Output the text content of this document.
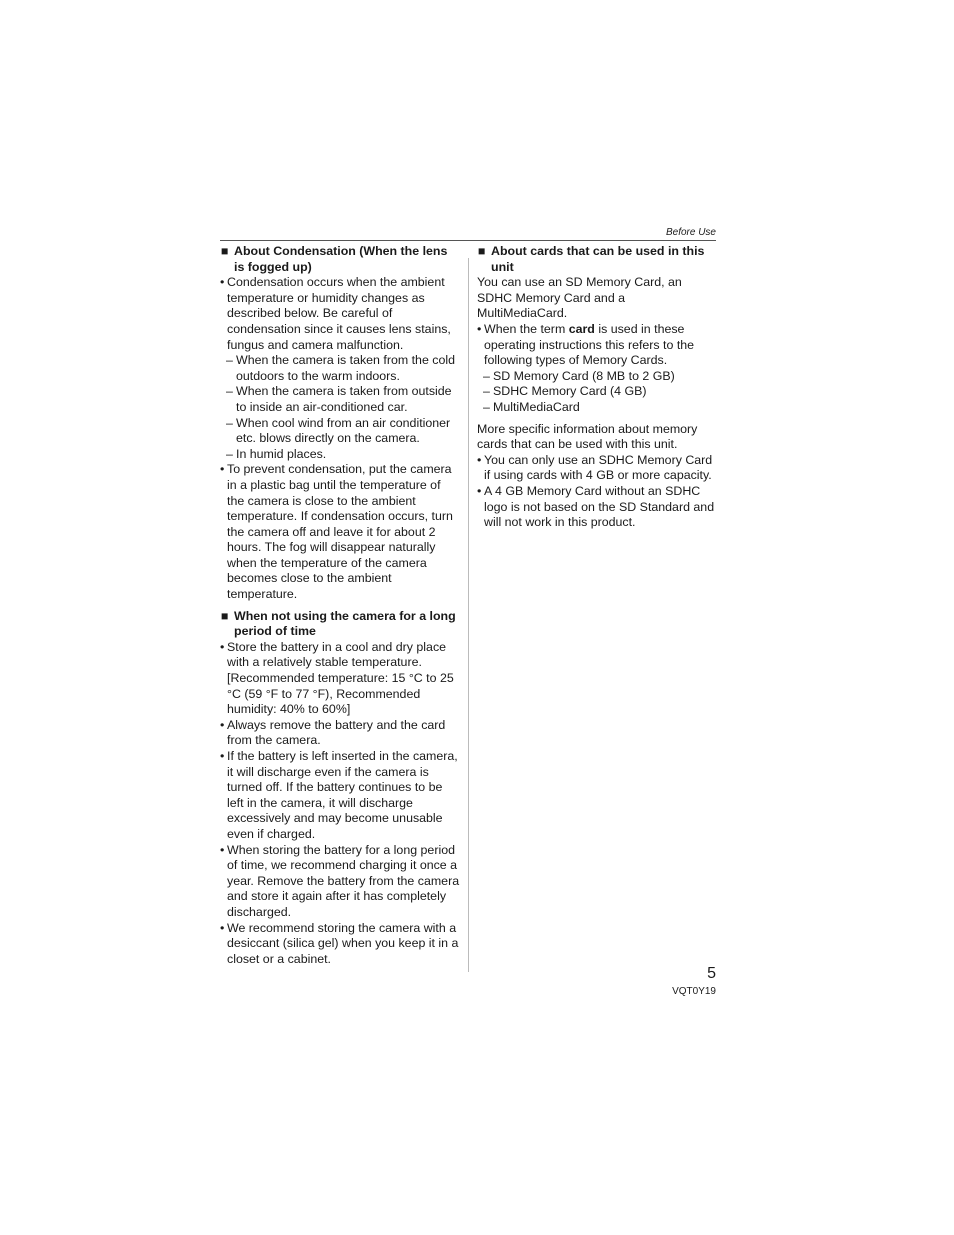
Before Use

■ About Condensation (When the lens is fogged up)

• Condensation occurs when the ambient temperature or humidity changes as described below. Be careful of condensation since it causes lens stains, fungus and camera malfunction.

– When the camera is taken from the cold outdoors to the warm indoors.

– When the camera is taken from outside to inside an air-conditioned car.

– When cool wind from an air conditioner etc. blows directly on the camera.

– In humid places.

• To prevent condensation, put the camera in a plastic bag until the temperature of the camera is close to the ambient temperature. If condensation occurs, turn the camera off and leave it for about 2 hours. The fog will disappear naturally when the temperature of the camera becomes close to the ambient temperature.

■ When not using the camera for a long period of time

• Store the battery in a cool and dry place with a relatively stable temperature. [Recommended temperature: 15 °C to 25 °C (59 °F to 77 °F), Recommended humidity: 40% to 60%]

• Always remove the battery and the card from the camera.

• If the battery is left inserted in the camera, it will discharge even if the camera is turned off. If the battery continues to be left in the camera, it will discharge excessively and may become unusable even if charged.

• When storing the battery for a long period of time, we recommend charging it once a year. Remove the battery from the camera and store it again after it has completely discharged.

• We recommend storing the camera with a desiccant (silica gel) when you keep it in a closet or a cabinet.

■ About cards that can be used in this unit

You can use an SD Memory Card, an SDHC Memory Card and a MultiMediaCard.

• When the term card is used in these operating instructions this refers to the following types of Memory Cards.

– SD Memory Card (8 MB to 2 GB)

– SDHC Memory Card (4 GB)

– MultiMediaCard

More specific information about memory cards that can be used with this unit.

• You can only use an SDHC Memory Card if using cards with 4 GB or more capacity.

• A 4 GB Memory Card without an SDHC logo is not based on the SD Standard and will not work in this product.

5
VQT0Y19
